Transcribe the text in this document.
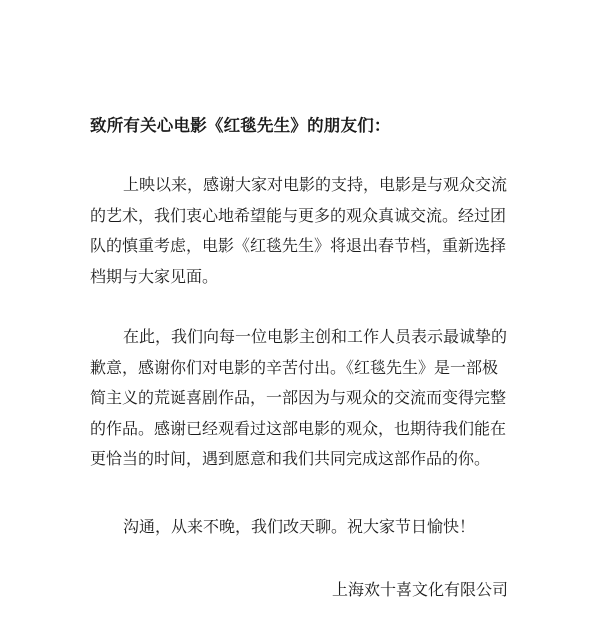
致所有关心电影《红毯先生》的朋友们：
上映以来，感谢大家对电影的支持，电影是与观众交流
的艺术，我们衷心地希望能与更多的观众真诚交流。经过团
队的慎重考虑，电影《红毯先生》将退出春节档，重新选择
档期与大家见面。
在此，我们向每一位电影主创和工作人员表示最诚挚的
歉意，感谢你们对电影的辛苦付出。《红毯先生》是一部极
简主义的荒诞喜剧作品，一部因为与观众的交流而变得完整
的作品。感谢已经观看过这部电影的观众，也期待我们能在
更恰当的时间，遇到愿意和我们共同完成这部作品的你。
沟通，从来不晚，我们改天聊。祝大家节日愉快！
上海欢十喜文化有限公司
